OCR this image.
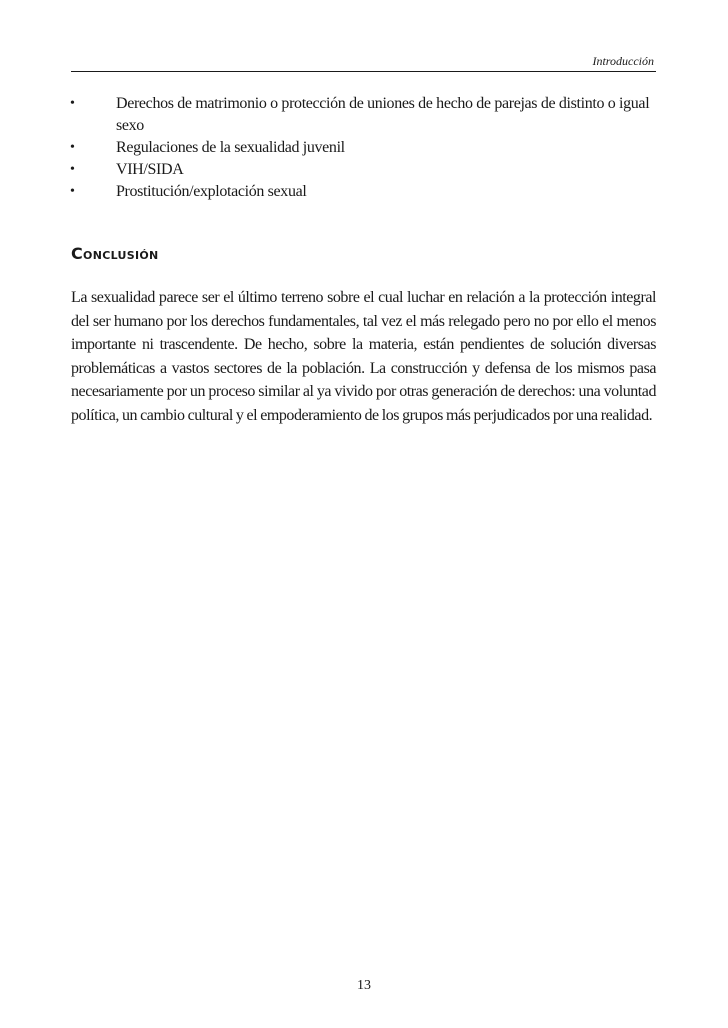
Introducción
•	Derechos de matrimonio o protección de uniones de hecho de parejas de distinto o igual sexo
•	Regulaciones de la sexualidad juvenil
•	VIH/SIDA
•	Prostitución/explotación sexual
Conclusión

La sexualidad parece ser el último terreno sobre el cual luchar en relación a la protección integral del ser humano por los derechos fundamentales, tal vez el más relegado pero no por ello el menos importante ni trascendente. De hecho, sobre la materia, están pendientes de solución diversas problemáticas a vastos sectores de la población. La construcción y defensa de los mismos pasa necesariamente por un proceso similar al ya vivido por otras generación de derechos: una voluntad política, un cambio cultural y el empoderamiento de los grupos más perjudicados por una realidad.

13
